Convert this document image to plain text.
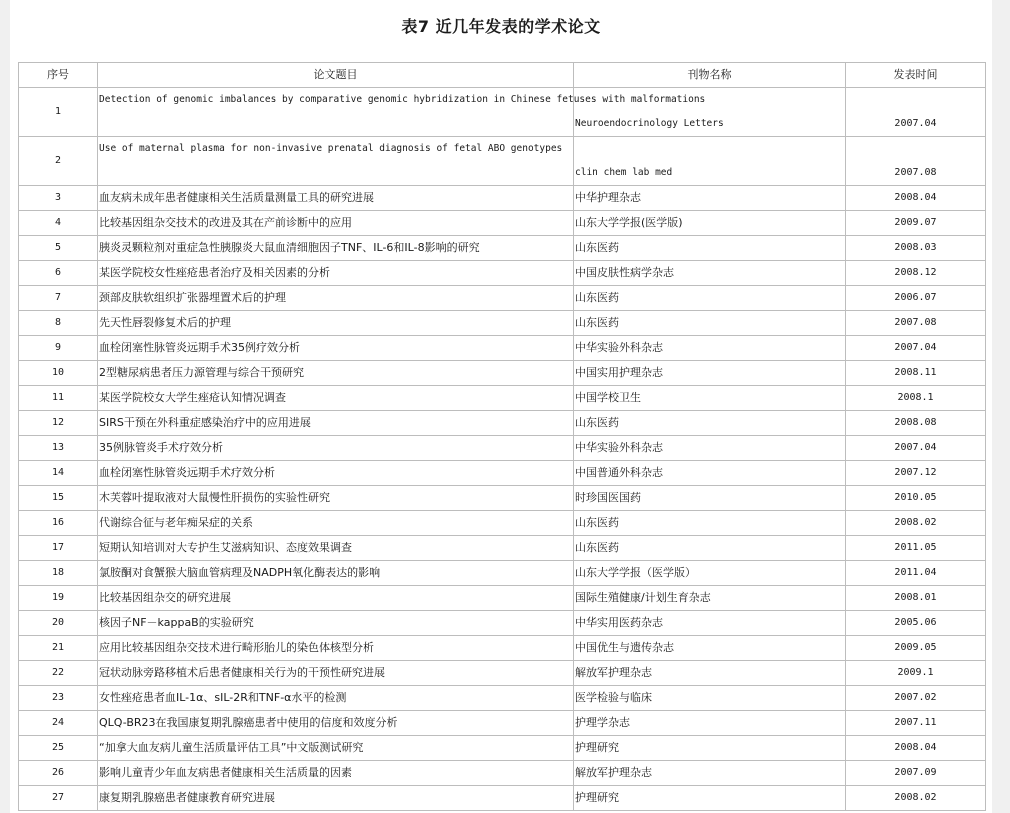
表7 近几年发表的学术论文
序号	论文题目	刊物名称	发表时间
1	Detection of genomic imbalances by comparative genomic hybridization in Chinese fetuses with malformations	Neuroendocrinology Letters	2007.04
2	Use of maternal plasma for non-invasive prenatal diagnosis of fetal ABO genotypes	clin chem lab med	2007.08
3	血友病未成年患者健康相关生活质量测量工具的研究进展	中华护理杂志	2008.04
4	比较基因组杂交技术的改进及其在产前诊断中的应用	山东大学学报(医学版)	2009.07
5	胰炎灵颗粒剂对重症急性胰腺炎大鼠血清细胞因子TNF、IL-6和IL-8影响的研究	山东医药	2008.03
6	某医学院校女性痤疮患者治疗及相关因素的分析	中国皮肤性病学杂志	2008.12
7	颈部皮肤软组织扩张器埋置术后的护理	山东医药	2006.07
8	先天性唇裂修复术后的护理	山东医药	2007.08
9	血栓闭塞性脉管炎远期手术35例疗效分析	中华实验外科杂志	2007.04
10	2型糖尿病患者压力源管理与综合干预研究	中国实用护理杂志	2008.11
11	某医学院校女大学生痤疮认知情况调查	中国学校卫生	2008.1
12	SIRS干预在外科重症感染治疗中的应用进展	山东医药	2008.08
13	35例脉管炎手术疗效分析	中华实验外科杂志	2007.04
14	血栓闭塞性脉管炎远期手术疗效分析	中国普通外科杂志	2007.12
15	木芙蓉叶提取液对大鼠慢性肝损伤的实验性研究	时珍国医国药	2010.05
16	代谢综合征与老年痴呆症的关系	山东医药	2008.02
17	短期认知培训对大专护生艾滋病知识、态度效果调查	山东医药	2011.05
18	氯胺酮对食蟹猴大脑血管病理及NADPH氧化酶表达的影响	山东大学学报（医学版）	2011.04
19	比较基因组杂交的研究进展	国际生殖健康/计划生育杂志	2008.01
20	核因子NF－kappaB的实验研究	中华实用医药杂志	2005.06
21	应用比较基因组杂交技术进行畸形胎儿的染色体核型分析	中国优生与遗传杂志	2009.05
22	冠状动脉旁路移植术后患者健康相关行为的干预性研究进展	解放军护理杂志	2009.1
23	女性痤疮患者血IL-1α、sIL-2R和TNF-α水平的检测	医学检验与临床	2007.02
24	QLQ-BR23在我国康复期乳腺癌患者中使用的信度和效度分析	护理学杂志	2007.11
25	“加拿大血友病儿童生活质量评估工具”中文版测试研究	护理研究	2008.04
26	影响儿童青少年血友病患者健康相关生活质量的因素	解放军护理杂志	2007.09
27	康复期乳腺癌患者健康教育研究进展	护理研究	2008.02
